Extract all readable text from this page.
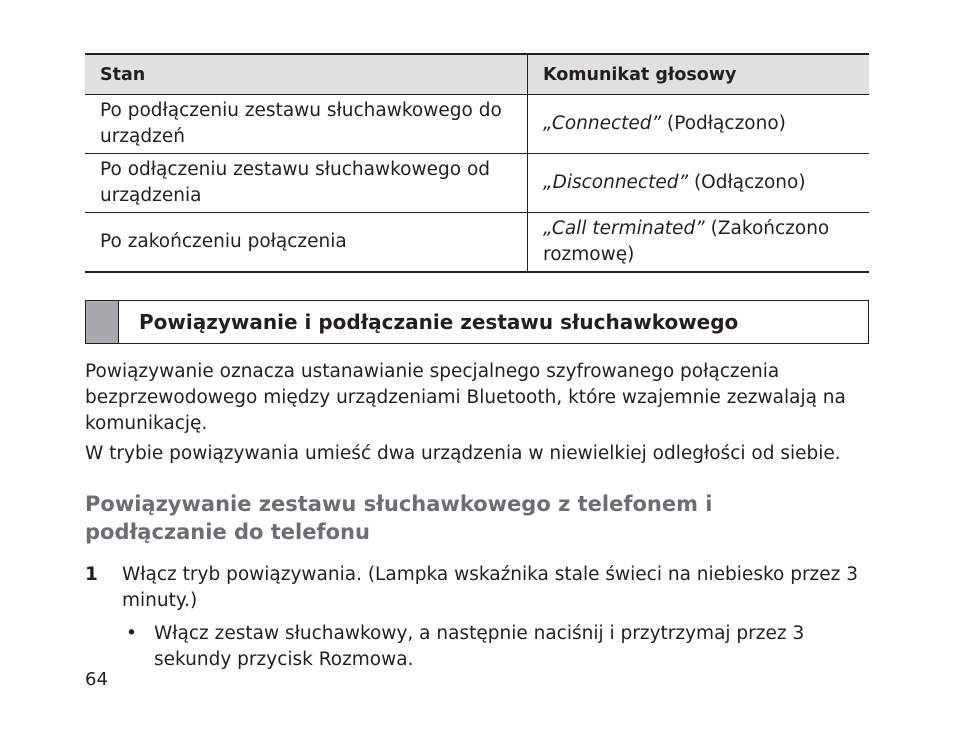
Stan	Komunikat głosowy
Po podłączeniu zestawu słuchawkowego do urządzeń	„Connected” (Podłączono)
Po odłączeniu zestawu słuchawkowego od urządzenia	„Disconnected” (Odłączono)
Po zakończeniu połączenia	„Call terminated” (Zakończono rozmowę)
Powiązywanie i podłączanie zestawu słuchawkowego

Powiązywanie oznacza ustanawianie specjalnego szyfrowanego połączenia bezprzewodowego między urządzeniami Bluetooth, które wzajemnie zezwalają na komunikację.

W trybie powiązywania umieść dwa urządzenia w niewielkiej odległości od siebie.

Powiązywanie zestawu słuchawkowego z telefonem i podłączanie do telefonu
1 Włącz tryb powiązywania. (Lampka wskaźnika stale świeci na niebiesko przez 3 minuty.)
• Włącz zestaw słuchawkowy, a następnie naciśnij i przytrzymaj przez 3 sekundy przycisk Rozmowa.
64
